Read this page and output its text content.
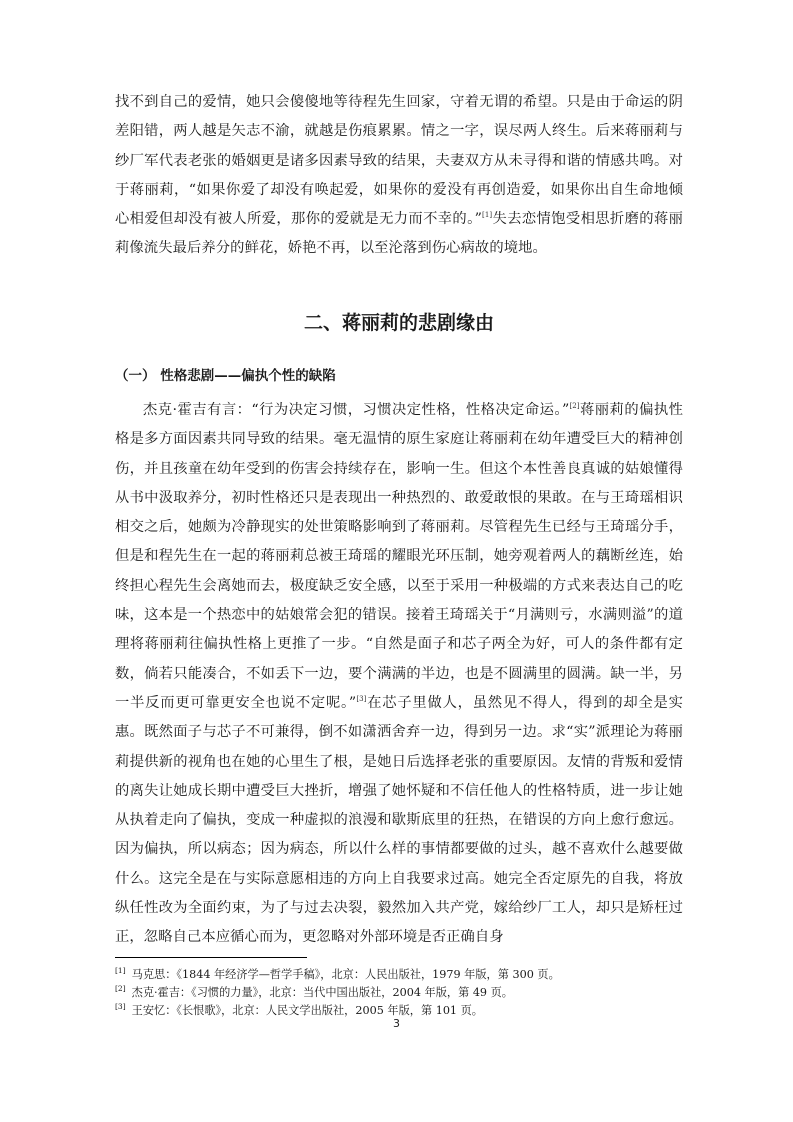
找不到自己的爱情，她只会傻傻地等待程先生回家，守着无谓的希望。只是由于命运的阴差阳错，两人越是矢志不渝，就越是伤痕累累。情之一字，误尽两人终生。后来蒋丽莉与纱厂军代表老张的婚姻更是诸多因素导致的结果，夫妻双方从未寻得和谐的情感共鸣。对于蒋丽莉，“如果你爱了却没有唤起爱，如果你的爱没有再创造爱，如果你出自生命地倾心相爱但却没有被人所爱，那你的爱就是无力而不幸的。”[1]失去恋情饱受相思折磨的蒋丽莉像流失最后养分的鲜花，娇艳不再，以至沦落到伤心病故的境地。

二、蒋丽莉的悲剧缘由
（一） 性格悲剧——偏执个性的缺陷

杰克·霍吉有言：“行为决定习惯，习惯决定性格，性格决定命运。”[2]蒋丽莉的偏执性格是多方面因素共同导致的结果。毫无温情的原生家庭让蒋丽莉在幼年遭受巨大的精神创伤，并且孩童在幼年受到的伤害会持续存在，影响一生。但这个本性善良真诚的姑娘懂得从书中汲取养分，初时性格还只是表现出一种热烈的、敢爱敢恨的果敢。在与王琦瑶相识相交之后，她颇为冷静现实的处世策略影响到了蒋丽莉。尽管程先生已经与王琦瑶分手，但是和程先生在一起的蒋丽莉总被王琦瑶的耀眼光环压制，她旁观着两人的藕断丝连，始终担心程先生会离她而去，极度缺乏安全感，以至于采用一种极端的方式来表达自己的吃味，这本是一个热恋中的姑娘常会犯的错误。接着王琦瑶关于“月满则亏，水满则溢”的道理将蒋丽莉往偏执性格上更推了一步。“自然是面子和芯子两全为好，可人的条件都有定数，倘若只能凑合，不如丢下一边，要个满满的半边，也是不圆满里的圆满。缺一半，另一半反而更可靠更安全也说不定呢。”[3]在芯子里做人，虽然见不得人，得到的却全是实惠。既然面子与芯子不可兼得，倒不如潇洒舍弃一边，得到另一边。求“实”派理论为蒋丽莉提供新的视角也在她的心里生了根，是她日后选择老张的重要原因。友情的背叛和爱情的离失让她成长期中遭受巨大挫折，增强了她怀疑和不信任他人的性格特质，进一步让她从执着走向了偏执，变成一种虚拟的浪漫和歇斯底里的狂热，在错误的方向上愈行愈远。因为偏执，所以病态；因为病态，所以什么样的事情都要做的过头，越不喜欢什么越要做什么。这完全是在与实际意愿相违的方向上自我要求过高。她完全否定原先的自我，将放纵任性改为全面约束，为了与过去决裂，毅然加入共产党，嫁给纱厂工人，却只是矫枉过正，忽略自己本应循心而为，更忽略对外部环境是否正确自身

[1] 马克思：《1844 年经济学—哲学手稿》，北京：人民出版社，1979 年版，第 300 页。
[2] 杰克·霍吉：《习惯的力量》，北京：当代中国出版社，2004 年版，第 49 页。
[3] 王安忆：《长恨歌》，北京：人民文学出版社，2005 年版，第 101 页。
3
